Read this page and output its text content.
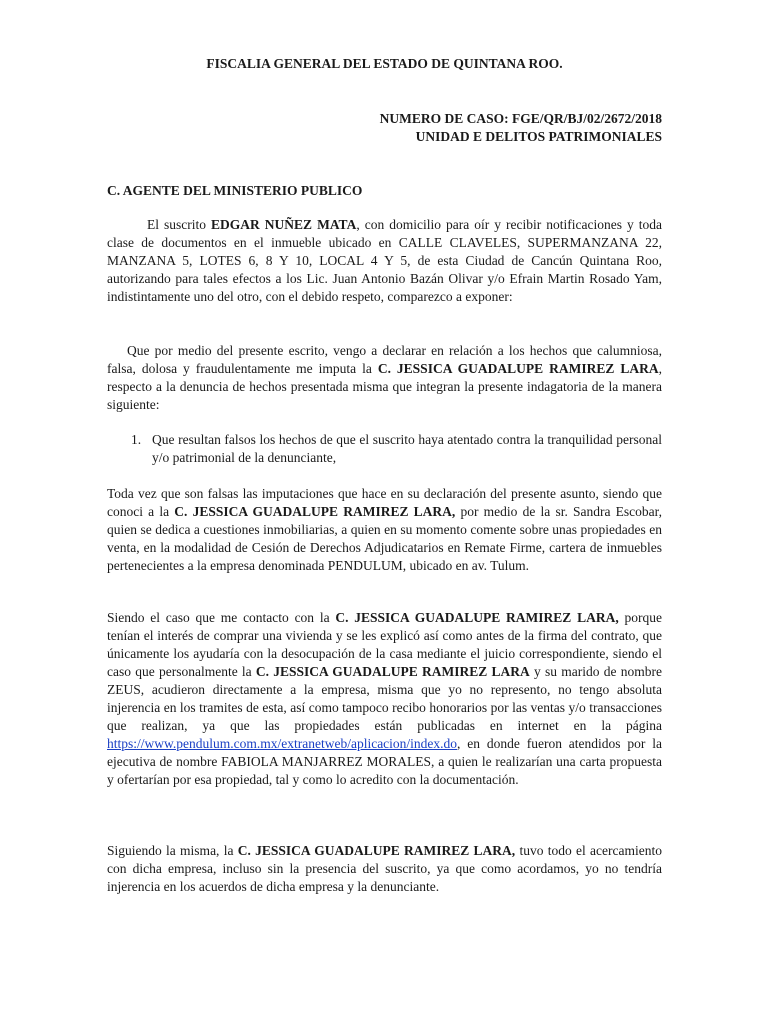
FISCALIA GENERAL DEL ESTADO DE QUINTANA ROO.
NUMERO DE CASO: FGE/QR/BJ/02/2672/2018
UNIDAD E DELITOS PATRIMONIALES
C. AGENTE DEL MINISTERIO PUBLICO
El suscrito EDGAR NUÑEZ MATA, con domicilio para oír y recibir notificaciones y toda clase de documentos en el inmueble ubicado en CALLE CLAVELES, SUPERMANZANA 22, MANZANA 5, LOTES 6, 8 Y 10, LOCAL 4 Y 5, de esta Ciudad de Cancún Quintana Roo, autorizando para tales efectos a los Lic. Juan Antonio Bazán Olivar y/o Efrain Martin Rosado Yam, indistintamente uno del otro, con el debido respeto, comparezco a exponer:
Que por medio del presente escrito, vengo a declarar en relación a los hechos que calumniosa, falsa, dolosa y fraudulentamente me imputa la C. JESSICA GUADALUPE RAMIREZ LARA, respecto a la denuncia de hechos presentada misma que integran la presente indagatoria de la manera siguiente:
1. Que resultan falsos los hechos de que el suscrito haya atentado contra la tranquilidad personal y/o patrimonial de la denunciante,
Toda vez que son falsas las imputaciones que hace en su declaración del presente asunto, siendo que conoci a la C. JESSICA GUADALUPE RAMIREZ LARA, por medio de la sr. Sandra Escobar, quien se dedica a cuestiones inmobiliarias, a quien en su momento comente sobre unas propiedades en venta, en la modalidad de Cesión de Derechos Adjudicatarios en Remate Firme, cartera de inmuebles pertenecientes a la empresa denominada PENDULUM, ubicado en av. Tulum.
Siendo el caso que me contacto con la C. JESSICA GUADALUPE RAMIREZ LARA, porque tenían el interés de comprar una vivienda y se les explicó así como antes de la firma del contrato, que únicamente los ayudaría con la desocupación de la casa mediante el juicio correspondiente, siendo el caso que personalmente la C. JESSICA GUADALUPE RAMIREZ LARA y su marido de nombre ZEUS, acudieron directamente a la empresa, misma que yo no represento, no tengo absoluta injerencia en los tramites de esta, así como tampoco recibo honorarios por las ventas y/o transacciones que realizan, ya que las propiedades están publicadas en internet en la página https://www.pendulum.com.mx/extranetweb/aplicacion/index.do, en donde fueron atendidos por la ejecutiva de nombre FABIOLA MANJARREZ MORALES, a quien le realizarían una carta propuesta y ofertarían por esa propiedad, tal y como lo acredito con la documentación.
Siguiendo la misma, la C. JESSICA GUADALUPE RAMIREZ LARA, tuvo todo el acercamiento con dicha empresa, incluso sin la presencia del suscrito, ya que como acordamos, yo no tendría injerencia en los acuerdos de dicha empresa y la denunciante.
